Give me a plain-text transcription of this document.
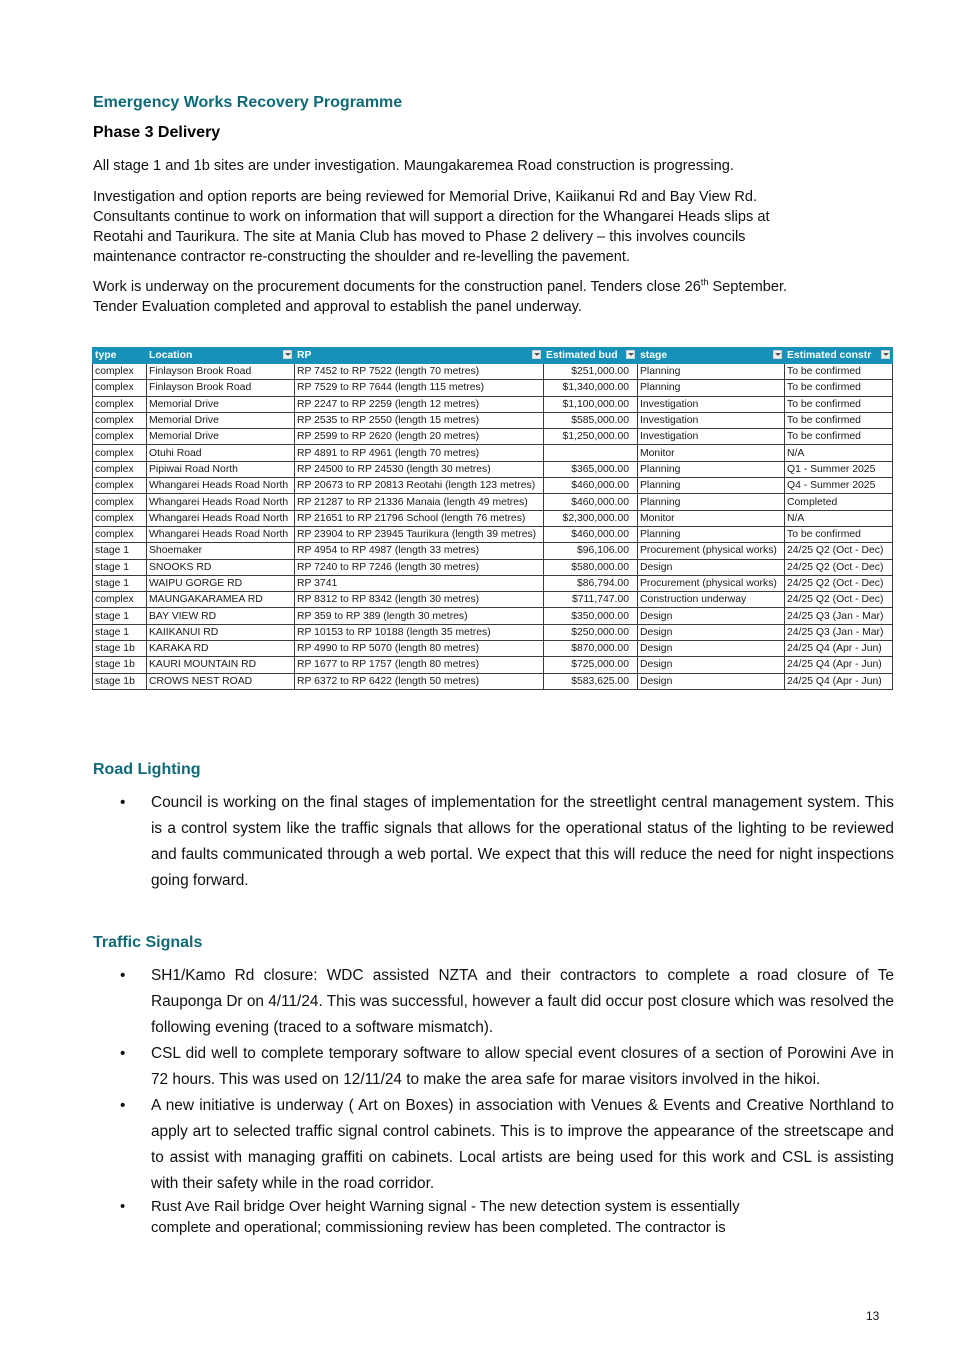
Emergency Works Recovery Programme
Phase 3 Delivery
All stage 1 and 1b sites are under investigation. Maungakaremea Road construction is progressing.
Investigation and option reports are being reviewed for Memorial Drive, Kaiikanui Rd and Bay View Rd.
Consultants continue to work on information that will support a direction for the Whangarei Heads slips at
Reotahi and Taurikura. The site at Mania Club has moved to Phase 2 delivery – this involves councils
maintenance contractor re-constructing the shoulder and re-levelling the pavement.
Work is underway on the procurement documents for the construction panel. Tenders close 26th September.
Tender Evaluation completed and approval to establish the panel underway.
type	Location	RP	Estimated bud	stage	Estimated constr

complex	Finlayson Brook Road	RP 7452 to RP 7522 (length 70 metres)	$251,000.00	Planning	To be confirmed
complex	Finlayson Brook Road	RP 7529 to RP 7644 (length 115 metres)	$1,340,000.00	Planning	To be confirmed
complex	Memorial Drive	RP 2247 to RP 2259 (length 12 metres)	$1,100,000.00	Investigation	To be confirmed
complex	Memorial Drive	RP 2535 to RP 2550 (length 15 metres)	$585,000.00	Investigation	To be confirmed
complex	Memorial Drive	RP 2599 to RP 2620 (length 20 metres)	$1,250,000.00	Investigation	To be confirmed
complex	Otuhi Road	RP 4891 to RP 4961 (length 70 metres)		Monitor	N/A
complex	Pipiwai Road North	RP 24500 to RP 24530 (length 30 metres)	$365,000.00	Planning	Q1 - Summer 2025
complex	Whangarei Heads Road North	RP 20673 to RP 20813 Reotahi (length 123 metres)	$460,000.00	Planning	Q4 - Summer 2025
complex	Whangarei Heads Road North	RP 21287 to RP 21336 Manaia (length 49 metres)	$460,000.00	Planning	Completed
complex	Whangarei Heads Road North	RP 21651 to RP 21796 School (length 76 metres)	$2,300,000.00	Monitor	N/A
complex	Whangarei Heads Road North	RP 23904 to RP 23945 Taurikura (length 39 metres)	$460,000.00	Planning	To be confirmed
stage 1	Shoemaker	RP 4954 to RP 4987 (length 33 metres)	$96,106.00	Procurement (physical works)	24/25 Q2 (Oct - Dec)
stage 1	SNOOKS RD	RP 7240 to RP 7246 (length 30 metres)	$580,000.00	Design	24/25 Q2 (Oct - Dec)
stage 1	WAIPU GORGE RD	RP 3741	$86,794.00	Procurement (physical works)	24/25 Q2 (Oct - Dec)
complex	MAUNGAKARAMEA RD	RP 8312 to RP 8342 (length 30 metres)	$711,747.00	Construction underway	24/25 Q2 (Oct - Dec)
stage 1	BAY VIEW RD	RP 359 to RP 389 (length 30 metres)	$350,000.00	Design	24/25 Q3 (Jan - Mar)
stage 1	KAIIKANUI RD	RP 10153 to RP 10188 (length 35 metres)	$250,000.00	Design	24/25 Q3 (Jan - Mar)
stage 1b	KARAKA RD	RP 4990 to RP 5070 (length 80 metres)	$870,000.00	Design	24/25 Q4 (Apr - Jun)
stage 1b	KAURI MOUNTAIN RD	RP 1677 to RP 1757 (length 80 metres)	$725,000.00	Design	24/25 Q4 (Apr - Jun)
stage 1b	CROWS NEST ROAD	RP 6372 to RP 6422 (length 50 metres)	$583,625.00	Design	24/25 Q4 (Apr - Jun)
Road Lighting
• Council is working on the final stages of implementation for the streetlight central management system. This is a control system like the traffic signals that allows for the operational status of the lighting to be reviewed and faults communicated through a web portal. We expect that this will reduce the need for night inspections going forward.
Traffic Signals
• SH1/Kamo Rd closure: WDC assisted NZTA and their contractors to complete a road closure of Te Rauponga Dr on 4/11/24. This was successful, however a fault did occur post closure which was resolved the following evening (traced to a software mismatch).
• CSL did well to complete temporary software to allow special event closures of a section of Porowini Ave in 72 hours. This was used on 12/11/24 to make the area safe for marae visitors involved in the hikoi.
• A new initiative is underway ( Art on Boxes) in association with Venues & Events and Creative Northland to apply art to selected traffic signal control cabinets. This is to improve the appearance of the streetscape and to assist with managing graffiti on cabinets. Local artists are being used for this work and CSL is assisting with their safety while in the road corridor.
• Rust Ave Rail bridge Over height Warning signal - The new detection system is essentially
complete and operational; commissioning review has been completed. The contractor is
13
